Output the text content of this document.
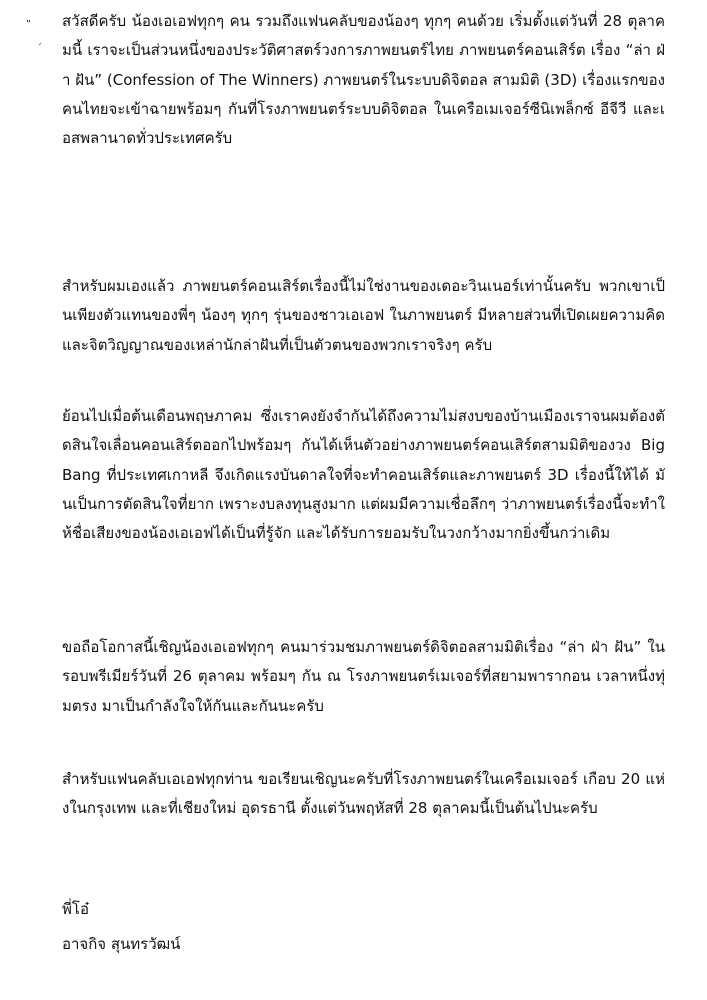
‟
´

สวัสดีครับ น้องเอเอฟทุกๆ คน รวมถึงแฟนคลับของน้องๆ ทุกๆ คนด้วย เริ่มตั้งแต่วันที่ 28 ตุลาคมนี้ เราจะเป็นส่วนหนึ่งของประวัติศาสตร์วงการภาพยนตร์ไทย ภาพยนตร์คอนเสิร์ต เรื่อง “ล่า ฝ่า ฝัน” (Confession of The Winners) ภาพยนตร์ในระบบดิจิตอล สามมิติ (3D) เรื่องแรกของคนไทยจะเข้าฉายพร้อมๆ กันที่โรงภาพยนตร์ระบบดิจิตอล ในเครือเมเจอร์ซีนิเพล็กซ์ อีจีวี และเอสพลานาดทั่วประเทศครับ

สำหรับผมเองแล้ว ภาพยนตร์คอนเสิร์ตเรื่องนี้ไม่ใช่งานของเดอะวินเนอร์เท่านั้นครับ พวกเขาเป็นเพียงตัวแทนของพี่ๆ น้องๆ ทุกๆ รุ่นของชาวเอเอฟ ในภาพยนตร์ มีหลายส่วนที่เปิดเผยความคิดและจิตวิญญาณของเหล่านักล่าฝันที่เป็นตัวตนของพวกเราจริงๆ ครับ

ย้อนไปเมื่อต้นเดือนพฤษภาคม ซึ่งเราคงยังจำกันได้ถึงความไม่สงบของบ้านเมืองเราจนผมต้องตัดสินใจเลื่อนคอนเสิร์ตออกไปพร้อมๆ กันได้เห็นตัวอย่างภาพยนตร์คอนเสิร์ตสามมิติของวง Big Bang ที่ประเทศเกาหลี จึงเกิดแรงบันดาลใจที่จะทำคอนเสิร์ตและภาพยนตร์ 3D เรื่องนี้ให้ได้ มันเป็นการตัดสินใจที่ยาก เพราะงบลงทุนสูงมาก แต่ผมมีความเชื่อลึกๆ ว่าภาพยนตร์เรื่องนี้จะทำให้ชื่อเสียงของน้องเอเอฟได้เป็นที่รู้จัก และได้รับการยอมรับในวงกว้างมากยิ่งขึ้นกว่าเดิม

ขอถือโอกาสนี้เชิญน้องเอเอฟทุกๆ คนมาร่วมชมภาพยนตร์ดิจิตอลสามมิติเรื่อง “ล่า ฝ่า ฝัน” ในรอบพรีเมียร์วันที่ 26 ตุลาคม พร้อมๆ กัน ณ โรงภาพยนตร์เมเจอร์ที่สยามพารากอน เวลาหนึ่งทุ่มตรง มาเป็นกำลังใจให้กันและกันนะครับ

สำหรับแฟนคลับเอเอฟทุกท่าน ขอเรียนเชิญนะครับที่โรงภาพยนตร์ในเครือเมเจอร์ เกือบ 20 แห่งในกรุงเทพ และที่เชียงใหม่ อุดรธานี ตั้งแต่วันพฤหัสที่ 28 ตุลาคมนี้เป็นต้นไปนะครับ

พี่โอ๋

อาจกิจ สุนทรวัฒน์
